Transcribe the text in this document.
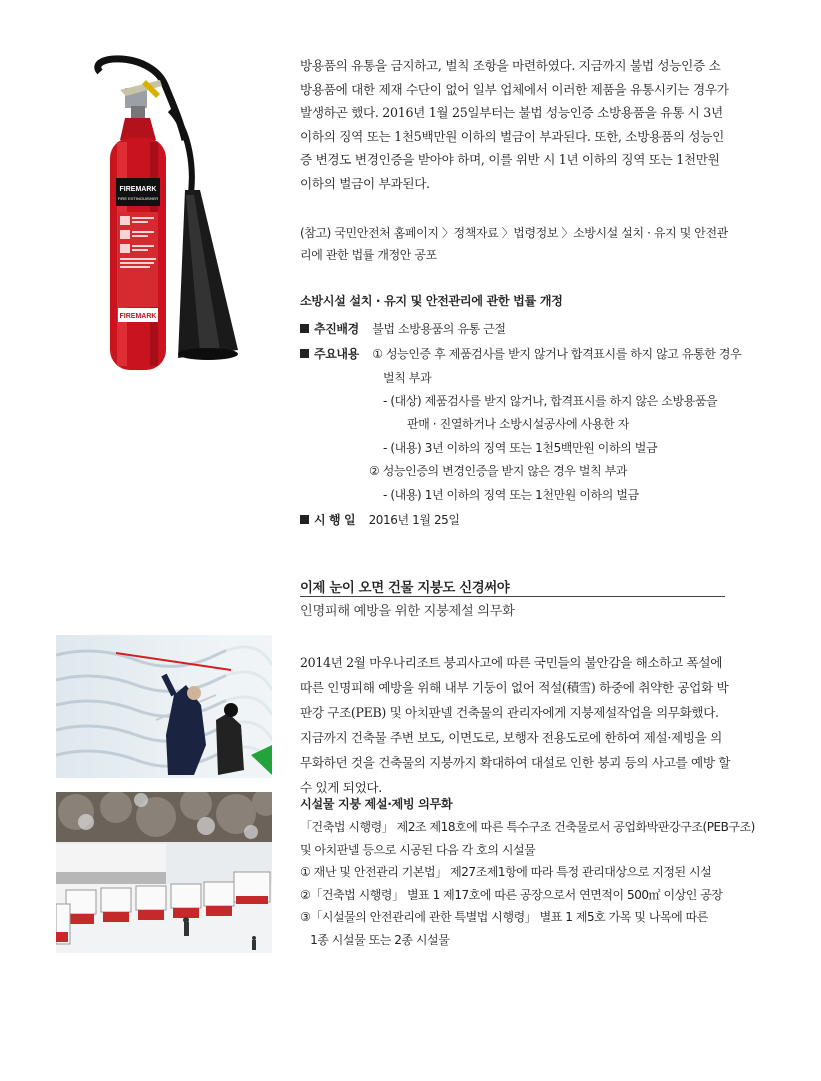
FIREMARK
FIRE EXTINGUISHER
FIREMARK
방용품의 유통을 금지하고, 벌칙 조항을 마련하였다. 지금까지 불법 성능인증 소방용품에 대한 제재 수단이 없어 일부 업체에서 이러한 제품을 유통시키는 경우가 발생하곤 했다. 2016년 1월 25일부터는 불법 성능인증 소방용품을 유통 시 3년 이하의 징역 또는 1천5백만원 이하의 벌금이 부과된다. 또한, 소방용품의 성능인증 변경도 변경인증을 받아야 하며, 이를 위반 시 1년 이하의 징역 또는 1천만원 이하의 벌금이 부과된다.
(참고) 국민안전처 홈페이지 〉정책자료 〉법령정보 〉소방시설 설치 · 유지 및 안전관리에 관한 법률 개정안 공포
소방시설 설치 · 유지 및 안전관리에 관한 법률 개정
추진배경 불법 소방용품의 유통 근절
주요내용 ① 성능인증 후 제품검사를 받지 않거나 합격표시를 하지 않고 유통한 경우
벌칙 부과
- (대상) 제품검사를 받지 않거나, 합격표시를 하지 않은 소방용품을
판매 · 진열하거나 소방시설공사에 사용한 자
- (내용) 3년 이하의 징역 또는 1천5백만원 이하의 벌금
② 성능인증의 변경인증을 받지 않은 경우 벌칙 부과
- (내용) 1년 이하의 징역 또는 1천만원 이하의 벌금
시 행 일 2016년 1월 25일
이제 눈이 오면 건물 지붕도 신경써야
인명피해 예방을 위한 지붕제설 의무화
2014년 2월 마우나리조트 붕괴사고에 따른 국민들의 불안감을 해소하고 폭설에 따른 인명피해 예방을 위해 내부 기둥이 없어 적설(積雪) 하중에 취약한 공업화 박판강 구조(PEB) 및 아치판넬 건축물의 관리자에게 지붕제설작업을 의무화했다. 지금까지 건축물 주변 보도, 이면도로, 보행자 전용도로에 한하여 제설·제빙을 의무화하던 것을 건축물의 지붕까지 확대하여 대설로 인한 붕괴 등의 사고를 예방 할 수 있게 되었다.
시설물 지붕 제설·제빙 의무화
「건축법 시행령」 제2조 제18호에 따른 특수구조 건축물로서 공업화박판강구조(PEB구조)
및 아치판넬 등으로 시공된 다음 각 호의 시설물
① 재난 및 안전관리 기본법」 제27조제1항에 따라 특정 관리대상으로 지정된 시설
②「건축법 시행령」 별표 1 제17호에 따른 공장으로서 연면적이 500㎡ 이상인 공장
③「시설물의 안전관리에 관한 특별법 시행령」 별표 1 제5호 가목 및 나목에 따른
1종 시설물 또는 2종 시설물
